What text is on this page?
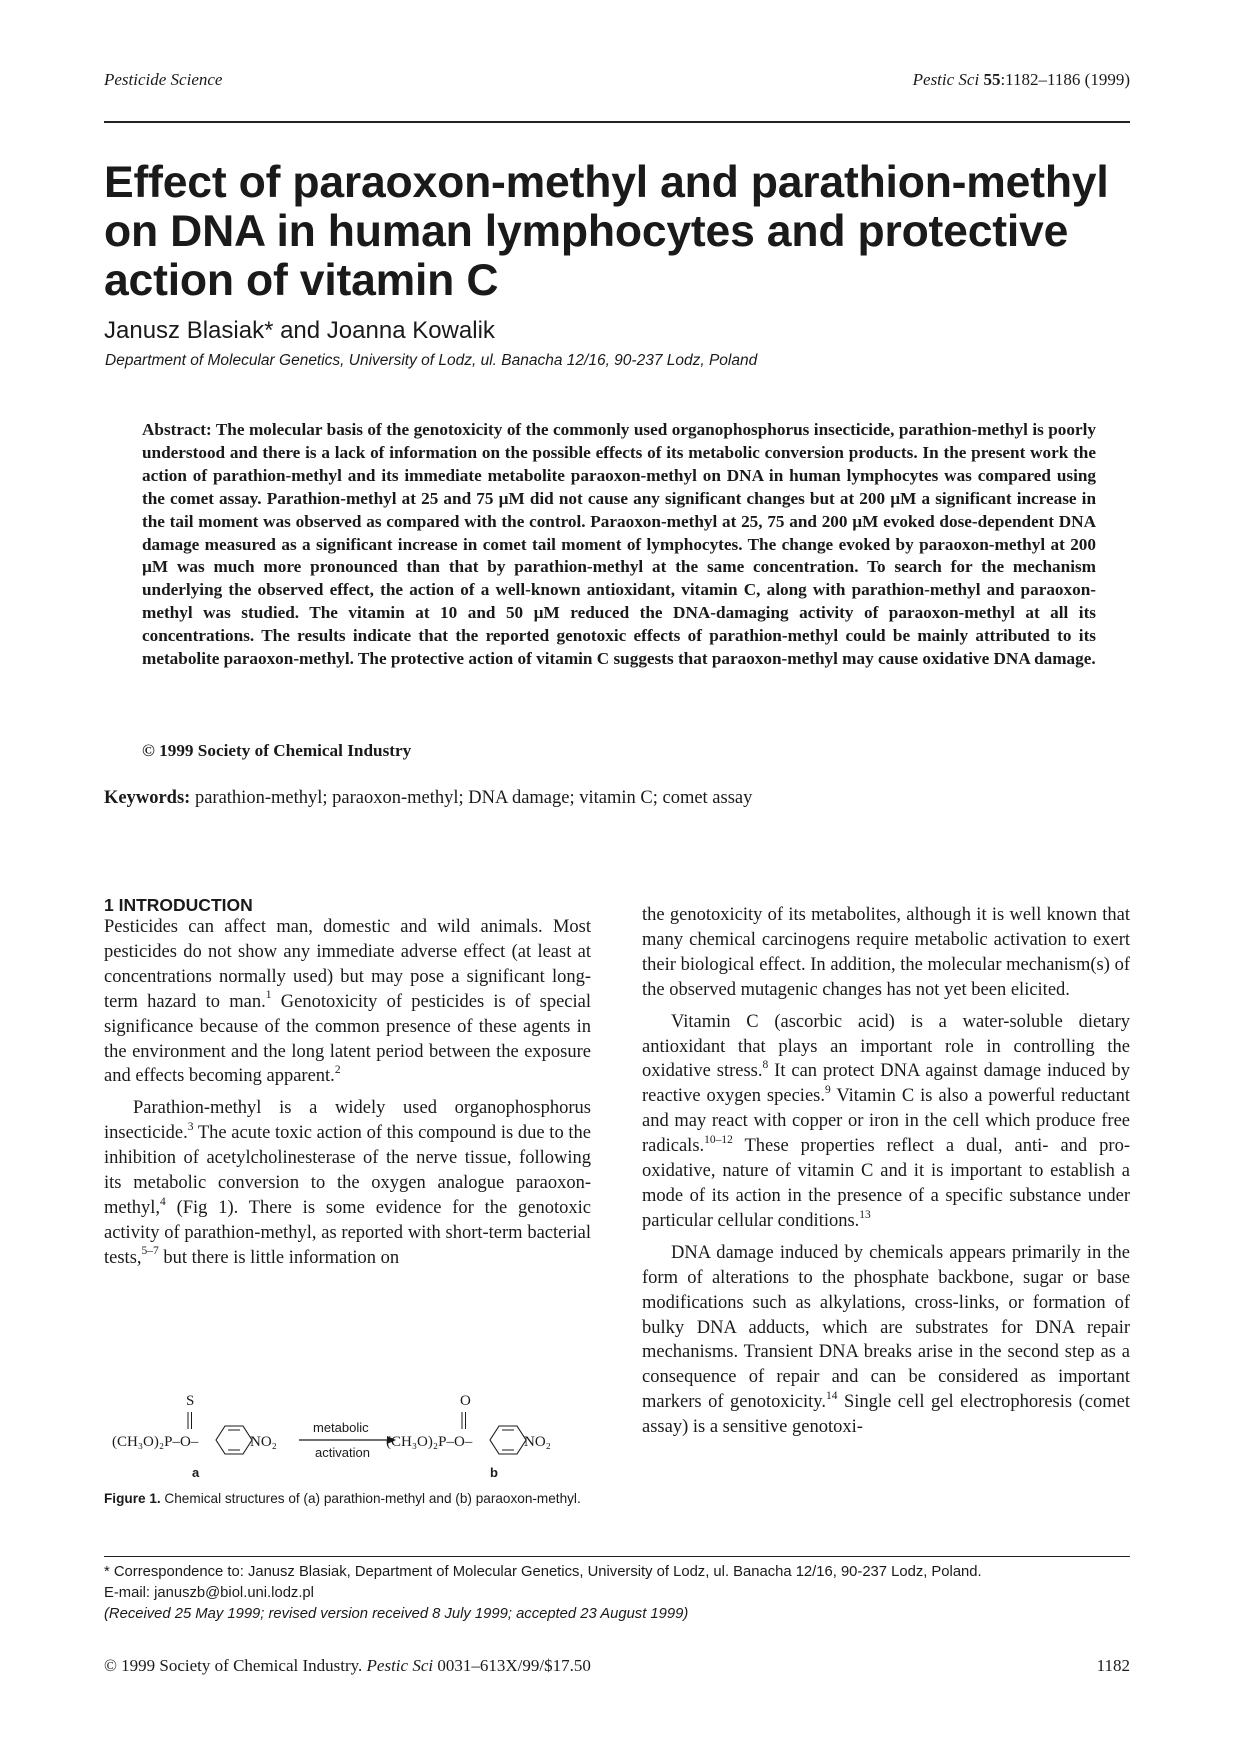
Pesticide Science	Pestic Sci 55:1182–1186 (1999)
Effect of paraoxon-methyl and parathion-methyl on DNA in human lymphocytes and protective action of vitamin C
Janusz Blasiak* and Joanna Kowalik
Department of Molecular Genetics, University of Lodz, ul. Banacha 12/16, 90-237 Lodz, Poland
Abstract: The molecular basis of the genotoxicity of the commonly used organophosphorus insecticide, parathion-methyl is poorly understood and there is a lack of information on the possible effects of its metabolic conversion products. In the present work the action of parathion-methyl and its immediate metabolite paraoxon-methyl on DNA in human lymphocytes was compared using the comet assay. Parathion-methyl at 25 and 75 µM did not cause any significant changes but at 200 µM a significant increase in the tail moment was observed as compared with the control. Paraoxon-methyl at 25, 75 and 200 µM evoked dose-dependent DNA damage measured as a significant increase in comet tail moment of lymphocytes. The change evoked by paraoxon-methyl at 200 µM was much more pronounced than that by parathion-methyl at the same concentration. To search for the mechanism underlying the observed effect, the action of a well-known antioxidant, vitamin C, along with parathion-methyl and paraoxon-methyl was studied. The vitamin at 10 and 50 µM reduced the DNA-damaging activity of paraoxon-methyl at all its concentrations. The results indicate that the reported genotoxic effects of parathion-methyl could be mainly attributed to its metabolite paraoxon-methyl. The protective action of vitamin C suggests that paraoxon-methyl may cause oxidative DNA damage.
© 1999 Society of Chemical Industry
Keywords: parathion-methyl; paraoxon-methyl; DNA damage; vitamin C; comet assay
1 INTRODUCTION

Pesticides can affect man, domestic and wild animals. Most pesticides do not show any immediate adverse effect (at least at concentrations normally used) but may pose a significant long-term hazard to man.$^1$ Genotoxicity of pesticides is of special significance because of the common presence of these agents in the environment and the long latent period between the exposure and effects becoming apparent.$^2$

Parathion-methyl is a widely used organophosphorus insecticide.$^3$ The acute toxic action of this compound is due to the inhibition of acetylcholinesterase of the nerve tissue, following its metabolic conversion to the oxygen analogue paraoxon-methyl,$^4$ (Fig 1). There is some evidence for the genotoxic activity of parathion-methyl, as reported with short-term bacterial tests,$^{5-7}$ but there is little information on

S
(CH₃O)₂P–O–	NO₂
a
metabolic
activation
O
(CH₃O)₂P–O–	NO₂
b
Figure 1. Chemical structures of (a) parathion-methyl and (b) paraoxon-methyl.

the genotoxicity of its metabolites, although it is well known that many chemical carcinogens require metabolic activation to exert their biological effect. In addition, the molecular mechanism(s) of the observed mutagenic changes has not yet been elicited.

Vitamin C (ascorbic acid) is a water-soluble dietary antioxidant that plays an important role in controlling the oxidative stress.$^8$ It can protect DNA against damage induced by reactive oxygen species.$^9$ Vitamin C is also a powerful reductant and may react with copper or iron in the cell which produce free radicals.$^{10-12}$ These properties reflect a dual, anti- and pro-oxidative, nature of vitamin C and it is important to establish a mode of its action in the presence of a specific substance under particular cellular conditions.$^{13}$

DNA damage induced by chemicals appears primarily in the form of alterations to the phosphate backbone, sugar or base modifications such as alkylations, cross-links, or formation of bulky DNA adducts, which are substrates for DNA repair mechanisms. Transient DNA breaks arise in the second step as a consequence of repair and can be considered as important markers of genotoxicity.$^{14}$ Single cell gel electrophoresis (comet assay) is a sensitive genotoxi-

* Correspondence to: Janusz Blasiak, Department of Molecular Genetics, University of Lodz, ul. Banacha 12/16, 90-237 Lodz, Poland.
E-mail: januszb@biol.uni.lodz.pl
(Received 25 May 1999; revised version received 8 July 1999; accepted 23 August 1999)
© 1999 Society of Chemical Industry. Pestic Sci 0031–613X/99/$17.50	1182
